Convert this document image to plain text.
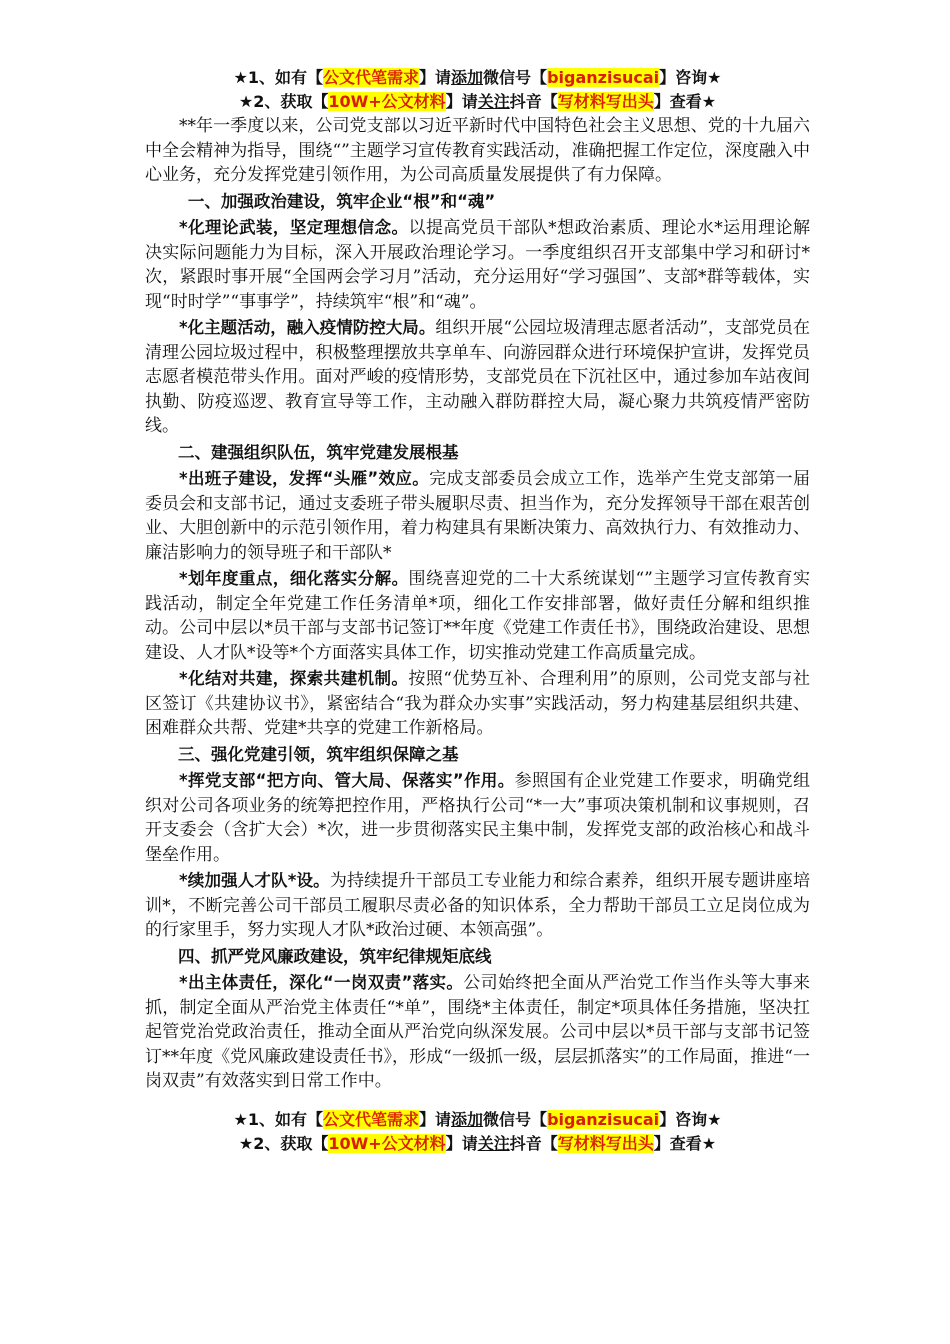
★1、如有【公文代笔需求】请添加微信号【biganzisucai】咨询★
★2、获取【10W+公文材料】请关注抖音【写材料写出头】查看★

**年一季度以来，公司党支部以习近平新时代中国特色社会主义思想、党的十九届六中全会精神为指导，围绕“”主题学习宣传教育实践活动，准确把握工作定位，深度融入中心业务，充分发挥党建引领作用，为公司高质量发展提供了有力保障。

一、加强政治建设，筑牢企业“根”和“魂”

*化理论武装，坚定理想信念。以提高党员干部队*想政治素质、理论水*运用理论解决实际问题能力为目标，深入开展政治理论学习。一季度组织召开支部集中学习和研讨*次，紧跟时事开展“全国两会学习月”活动，充分运用好“学习强国”、支部*群等载体，实现“时时学”“事事学”，持续筑牢“根”和“魂”。

*化主题活动，融入疫情防控大局。组织开展“公园垃圾清理志愿者活动”，支部党员在清理公园垃圾过程中，积极整理摆放共享单车、向游园群众进行环境保护宣讲，发挥党员志愿者模范带头作用。面对严峻的疫情形势，支部党员在下沉社区中，通过参加车站夜间执勤、防疫巡逻、教育宣导等工作，主动融入群防群控大局，凝心聚力共筑疫情严密防线。

二、建强组织队伍，筑牢党建发展根基

*出班子建设，发挥“头雁”效应。完成支部委员会成立工作，选举产生党支部第一届委员会和支部书记，通过支委班子带头履职尽责、担当作为，充分发挥领导干部在艰苦创业、大胆创新中的示范引领作用，着力构建具有果断决策力、高效执行力、有效推动力、廉洁影响力的领导班子和干部队*

*划年度重点，细化落实分解。围绕喜迎党的二十大系统谋划“”主题学习宣传教育实践活动，制定全年党建工作任务清单*项，细化工作安排部署，做好责任分解和组织推动。公司中层以*员干部与支部书记签订**年度《党建工作责任书》，围绕政治建设、思想建设、人才队*设等*个方面落实具体工作，切实推动党建工作高质量完成。

*化结对共建，探索共建机制。按照“优势互补、合理利用”的原则，公司党支部与社区签订《共建协议书》，紧密结合“我为群众办实事”实践活动，努力构建基层组织共建、困难群众共帮、党建*共享的党建工作新格局。

三、强化党建引领，筑牢组织保障之基

*挥党支部“把方向、管大局、保落实”作用。参照国有企业党建工作要求，明确党组织对公司各项业务的统筹把控作用，严格执行公司“*一大”事项决策机制和议事规则，召开支委会（含扩大会）*次，进一步贯彻落实民主集中制，发挥党支部的政治核心和战斗堡垒作用。

*续加强人才队*设。为持续提升干部员工专业能力和综合素养，组织开展专题讲座培训*，不断完善公司干部员工履职尽责必备的知识体系，全力帮助干部员工立足岗位成为的行家里手，努力实现人才队*政治过硬、本领高强”。

四、抓严党风廉政建设，筑牢纪律规矩底线

*出主体责任，深化“一岗双责”落实。公司始终把全面从严治党工作当作头等大事来抓，制定全面从严治党主体责任“*单”，围绕*主体责任，制定*项具体任务措施，坚决扛起管党治党政治责任，推动全面从严治党向纵深发展。公司中层以*员干部与支部书记签订**年度《党风廉政建设责任书》，形成“一级抓一级，层层抓落实”的工作局面，推进“一岗双责”有效落实到日常工作中。

★1、如有【公文代笔需求】请添加微信号【biganzisucai】咨询★
★2、获取【10W+公文材料】请关注抖音【写材料写出头】查看★
